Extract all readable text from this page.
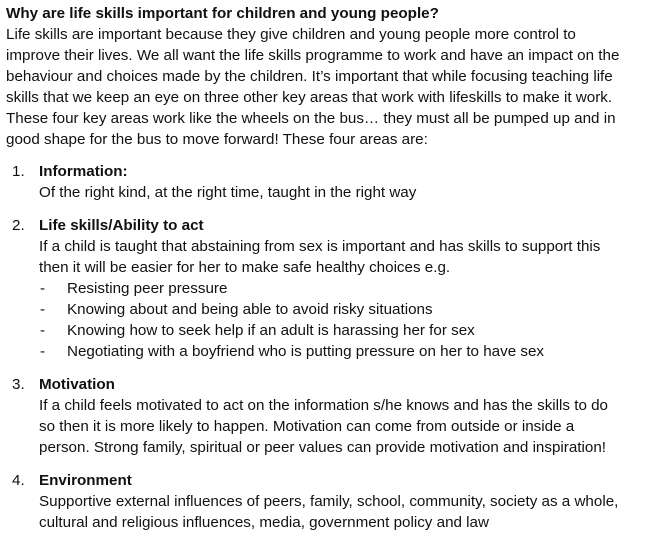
Why are life skills important for children and young people?

Life skills are important because they give children and young people more control to
improve their lives. We all want the life skills programme to work and have an impact on the
behaviour and choices made by the children. It’s important that while focusing teaching life
skills that we keep an eye on three other key areas that work with lifeskills to make it work.
These four key areas work like the wheels on the bus… they must all be pumped up and in
good shape for the bus to move forward! These four areas are:

1. Information:
Of the right kind, at the right time, taught in the right way
2. Life skills/Ability to act
If a child is taught that abstaining from sex is important and has skills to support this
then it will be easier for her to make safe healthy choices e.g.
- Resisting peer pressure
- Knowing about and being able to avoid risky situations
- Knowing how to seek help if an adult is harassing her for sex
- Negotiating with a boyfriend who is putting pressure on her to have sex
3. Motivation
If a child feels motivated to act on the information s/he knows and has the skills to do
so then it is more likely to happen. Motivation can come from outside or inside a
person. Strong family, spiritual or peer values can provide motivation and inspiration!
4. Environment
Supportive external influences of peers, family, school, community, society as a whole,
cultural and religious influences, media, government policy and law
